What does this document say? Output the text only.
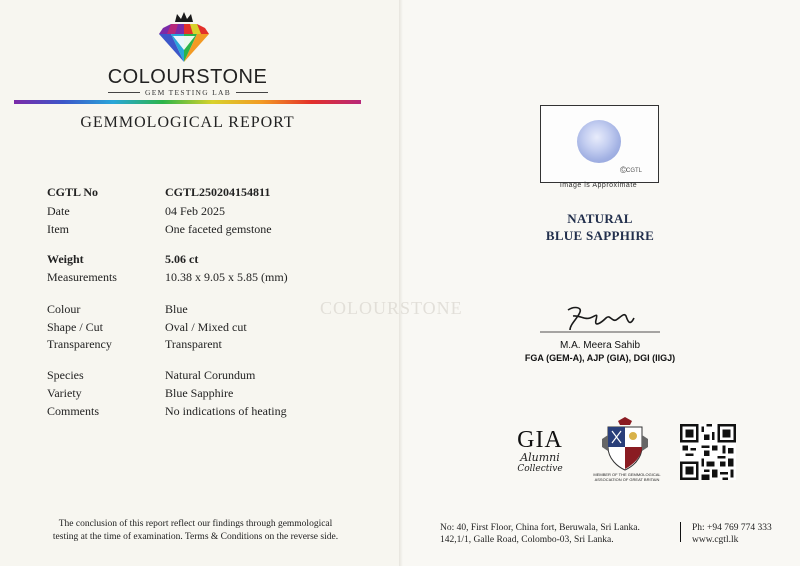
COLOURSTONE
GEM TESTING LAB
GEMMOLOGICAL REPORT
CGTL No	CGTL250204154811
Date	04 Feb 2025
Item	One faceted gemstone
Weight	5.06 ct
Measurements	10.38 x 9.05 x 5.85 (mm)
Colour	Blue
Shape / Cut	Oval / Mixed cut
Transparency	Transparent
Species	Natural Corundum
Variety	Blue Sapphire
Comments	No indications of heating
The conclusion of this report reflect our findings through gemmological
testing at the time of examination. Terms & Conditions on the reverse side.
COLOURSTONE
© CGTL
Image is Approximate
NATURAL
BLUE SAPPHIRE
M.A. Meera Sahib
FGA (GEM-A), AJP (GIA), DGI (IIGJ)
GIA
Alumni
Collective
MEMBER OF THE GEMMOLOGICAL
ASSOCIATION OF GREAT BRITAIN
No: 40, First Floor, China fort, Beruwala, Sri Lanka.
142,1/1, Galle Road, Colombo-03, Sri Lanka.
Ph: +94 769 774 333
www.cgtl.lk
